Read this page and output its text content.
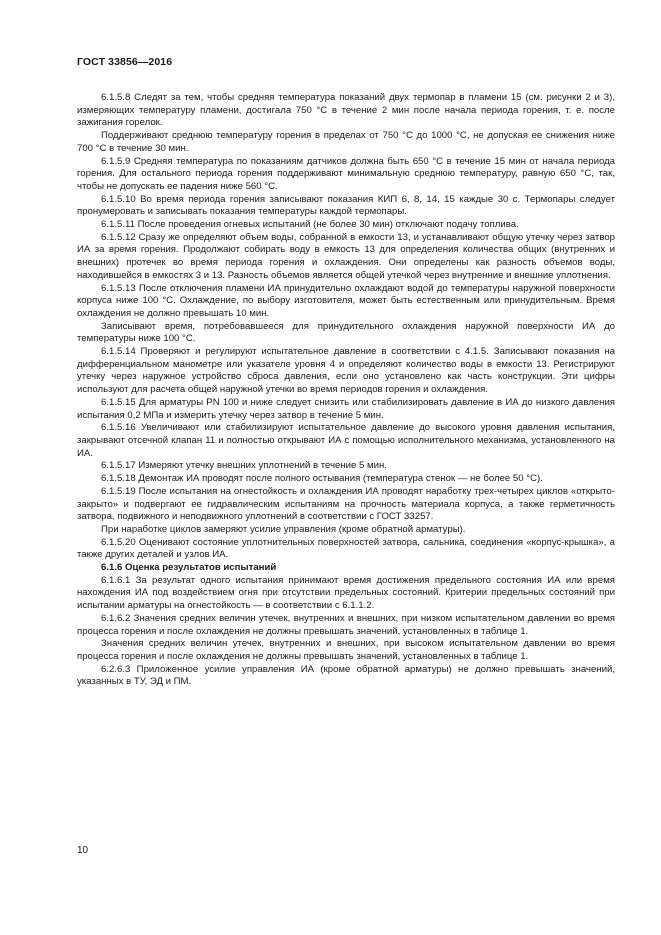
ГОСТ 33856—2016

6.1.5.8 Следят за тем, чтобы средняя температура показаний двух термопар в пламени 15 (см. рисунки 2 и 3), измеряющих температуру пламени, достигала 750 °С в течение 2 мин после начала периода горения, т. е. после зажигания горелок.

Поддерживают среднюю температуру горения в пределах от 750 °С до 1000 °С, не допуская ее снижения ниже 700 °С в течение 30 мин.

6.1.5.9 Средняя температура по показаниям датчиков должна быть 650 °С в течение 15 мин от начала периода горения. Для остального периода горения поддерживают минимальную среднюю температуру, равную 650 °С, так, чтобы не допускать ее падения ниже 560 °С.

6.1.5.10 Во время периода горения записывают показания КИП 6, 8, 14, 15 каждые 30 с. Термопары следует пронумеровать и записывать показания температуры каждой термопары.

6.1.5.11 После проведения огневых испытаний (не более 30 мин) отключают подачу топлива.

6.1.5.12 Сразу же определяют объем воды, собранной в емкости 13, и устанавливают общую утечку через затвор ИА за время горения. Продолжают собирать воду в емкость 13 для определения количества общих (внутренних и внешних) протечек во время периода горения и охлаждения. Они определены как разность объемов воды, находившейся в емкостях 3 и 13. Разность объемов является общей утечкой через внутренние и внешние уплотнения.

6.1.5.13 После отключения пламени ИА принудительно охлаждают водой до температуры наружной поверхности корпуса ниже 100 °С. Охлаждение, по выбору изготовителя, может быть естественным или принудительным. Время охлаждения не должно превышать 10 мин.

Записывают время, потребовавшееся для принудительного охлаждения наружной поверхности ИА до температуры ниже 100 °С.

6.1.5.14 Проверяют и регулируют испытательное давление в соответствии с 4.1.5. Записывают показания на дифференциальном манометре или указателе уровня 4 и определяют количество воды в емкости 13. Регистрируют утечку через наружное устройство сброса давления, если оно установлено как часть конструкции. Эти цифры используют для расчета общей наружной утечки во время периодов горения и охлаждения.

6.1.5.15 Для арматуры PN 100 и ниже следует снизить или стабилизировать давление в ИА до низкого давления испытания 0,2 МПа и измерить утечку через затвор в течение 5 мин.

6.1.5.16 Увеличивают или стабилизируют испытательное давление до высокого уровня давления испытания, закрывают отсечной клапан 11 и полностью открывают ИА с помощью исполнительного механизма, установленного на ИА.

6.1.5.17 Измеряют утечку внешних уплотнений в течение 5 мин.

6.1.5.18 Демонтаж ИА проводят после полного остывания (температура стенок — не более 50 °С).

6.1.5.19 После испытания на огнестойкость и охлаждения ИА проводят наработку трех-четырех циклов «открыто-закрыто» и подвергают ее гидравлическим испытаниям на прочность материала корпуса, а также герметичность затвора, подвижного и неподвижного уплотнений в соответствии с ГОСТ 33257.

При наработке циклов замеряют усилие управления (кроме обратной арматуры).

6.1.5.20 Оценивают состояние уплотнительных поверхностей затвора, сальника, соединения «корпус-крышка», а также других деталей и узлов ИА.

6.1.6 Оценка результатов испытаний

6.1.6.1 За результат одного испытания принимают время достижения предельного состояния ИА или время нахождения ИА под воздействием огня при отсутствии предельных состояний. Критерии предельных состояний при испытании арматуры на огнестойкость — в соответствии с 6.1.1.2.

6.1.6.2 Значения средних величин утечек, внутренних и внешних, при низком испытательном давлении во время процесса горения и после охлаждения не должны превышать значений, установленных в таблице 1.

Значения средних величин утечек, внутренних и внешних, при высоком испытательном давлении во время процесса горения и после охлаждения не должны превышать значений, установленных в таблице 1.

6.2.6.3 Приложенное усилие управления ИА (кроме обратной арматуры) не должно превышать значений, указанных в ТУ, ЭД и ПМ.

10
